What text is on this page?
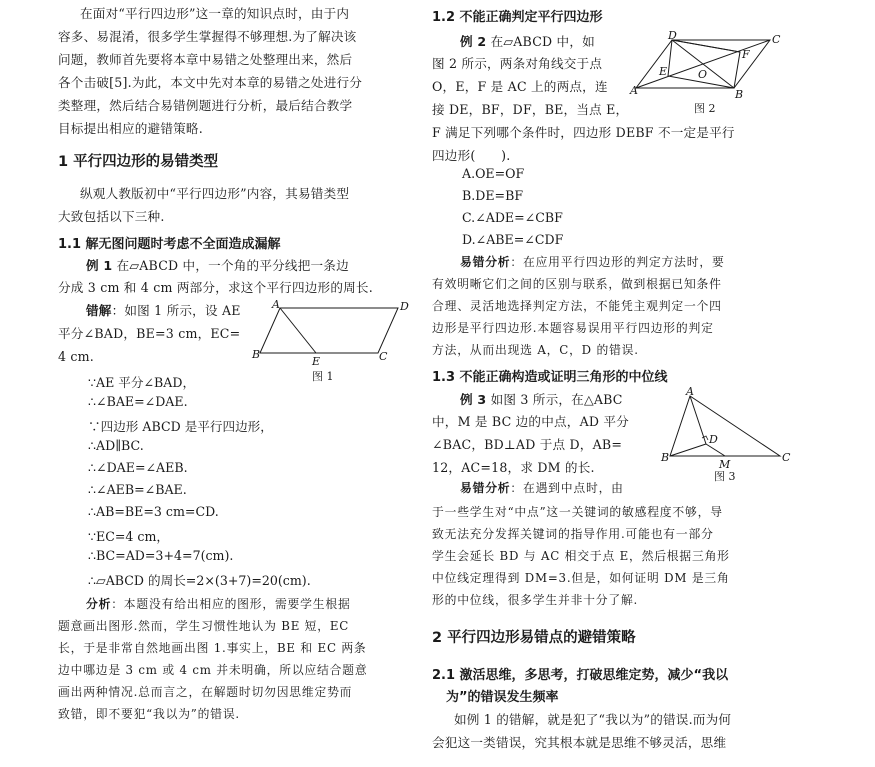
在面对“平行四边形”这一章的知识点时，由于内
容多、易混淆，很多学生掌握得不够理想.为了解决该
问题，教师首先要将本章中易错之处整理出来，然后
各个击破[5].为此，本文中先对本章的易错之处进行分
类整理，然后结合易错例题进行分析，最后结合教学
目标提出相应的避错策略.
1 平行四边形的易错类型
纵观人教版初中“平行四边形”内容，其易错类型
大致包括以下三种.
1.1 解无图问题时考虑不全面造成漏解
例 1 在▱ABCD 中，一个角的平分线把一条边
分成 3 cm 和 4 cm 两部分，求这个平行四边形的周长.
错解：如图 1 所示，设 AE
平分∠BAD，BE=3 cm，EC=
4 cm.
A	D
B
E	C
图 1
∵AE 平分∠BAD，
∴∠BAE=∠DAE.
∵四边形 ABCD 是平行四边形，
∴AD∥BC.
∴∠DAE=∠AEB.
∴∠AEB=∠BAE.
∴AB=BE=3 cm=CD.
∵EC=4 cm，
∴BC=AD=3+4=7(cm).
∴▱ABCD 的周长=2×(3+7)=20(cm).
分析：本题没有给出相应的图形，需要学生根据
题意画出图形.然而，学生习惯性地认为 BE 短，EC
长，于是非常自然地画出图 1.事实上，BE 和 EC 两条
边中哪边是 3 cm 或 4 cm 并未明确，所以应结合题意
画出两种情况.总而言之，在解题时切勿因思维定势而
致错，即不要犯“我以为”的错误.
1.2 不能正确判定平行四边形
例 2 在▱ABCD 中，如
图 2 所示，两条对角线交于点
O，E，F 是 AC 上的两点，连
接 DE，BF，DF，BE，当点 E，
F 满足下列哪个条件时，四边形 DEBF 不一定是平行
四边形(　　).
D	C
E	O
F
A	B
图 2
A.OE=OF
B.DE=BF
C.∠ADE=∠CBF
D.∠ABE=∠CDF
易错分析：在应用平行四边形的判定方法时，要
有效明晰它们之间的区别与联系，做到根据已知条件
合理、灵活地选择判定方法，不能凭主观判定一个四
边形是平行四边形.本题容易误用平行四边形的判定
方法，从而出现选 A，C，D 的错误.
1.3 不能正确构造或证明三角形的中位线
例 3 如图 3 所示，在△ABC
中，M 是 BC 边的中点，AD 平分
∠BAC，BD⊥AD 于点 D，AB=
12，AC=18，求 DM 的长.
A
D
B
M
C
图 3
易错分析：在遇到中点时，由
于一些学生对“中点”这一关键词的敏感程度不够，导
致无法充分发挥关键词的指导作用.可能也有一部分
学生会延长 BD 与 AC 相交于点 E，然后根据三角形
中位线定理得到 DM=3.但是，如何证明 DM 是三角
形的中位线，很多学生并非十分了解.
2 平行四边形易错点的避错策略
2.1 激活思维，多思考，打破思维定势，减少“我以
为”的错误发生频率
如例 1 的错解，就是犯了“我以为”的错误.而为何
会犯这一类错误，究其根本就是思维不够灵活，思维
